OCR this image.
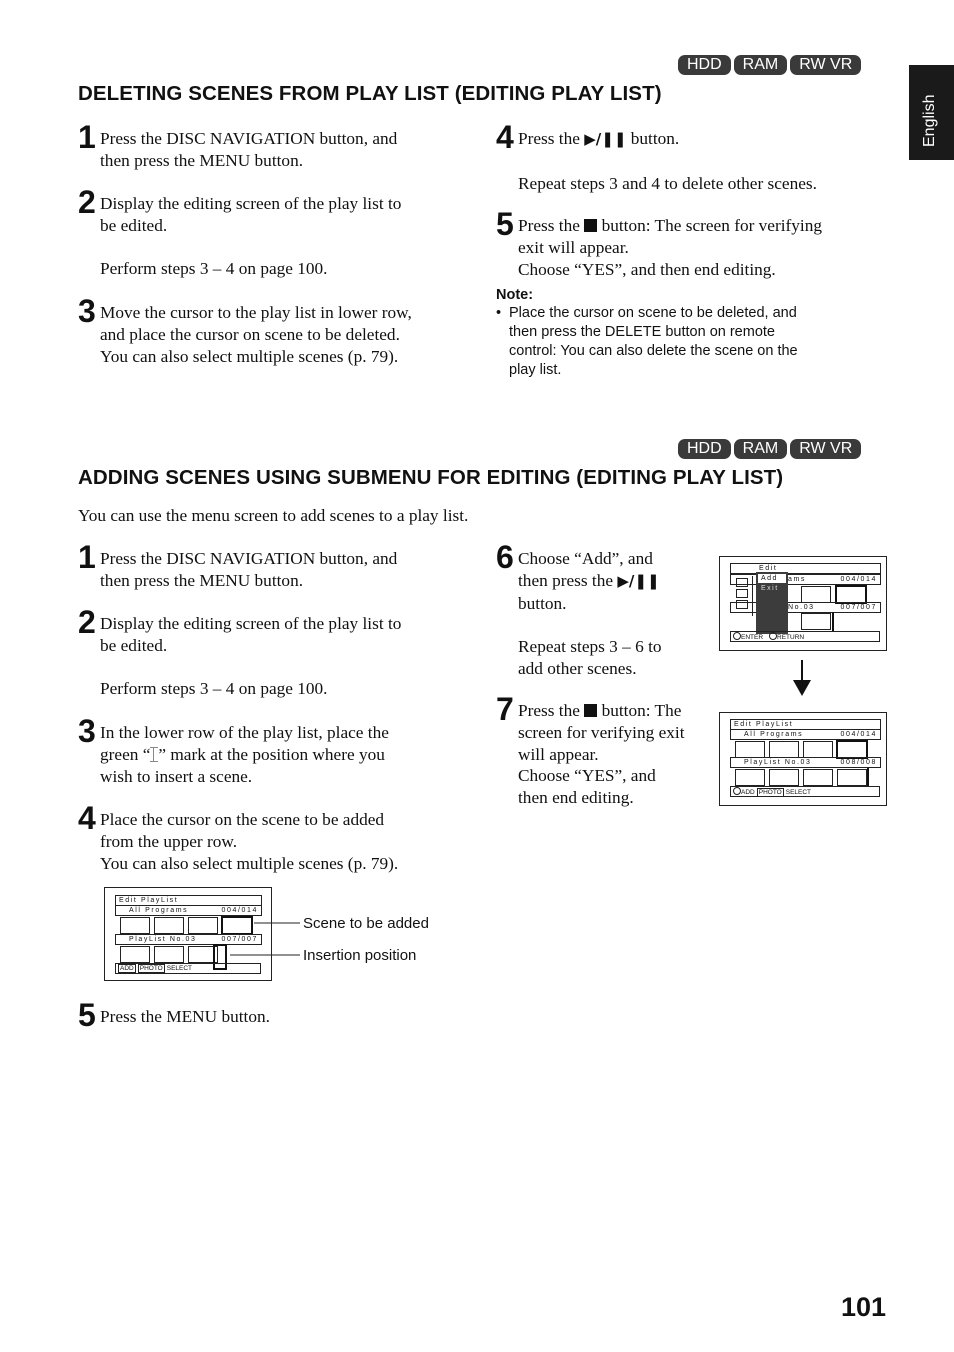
English
HDD	RAM	RW VR
DELETING SCENES FROM PLAY LIST (EDITING PLAY LIST)
1 Press the DISC NAVIGATION button, and
then press the MENU button.
2 Display the editing screen of the play list to
be edited.
Perform steps 3 – 4 on page 100.
3 Move the cursor to the play list in lower row,
and place the cursor on scene to be deleted.
You can also select multiple scenes (p. 79).
4 Press the ▶/❚❚ button.
Repeat steps 3 and 4 to delete other scenes.
5 Press the button: The screen for verifying
exit will appear.
Choose “YES”, and then end editing.
Note:
• Place the cursor on scene to be deleted, and
then press the DELETE button on remote
control: You can also delete the scene on the
play list.
HDD	RAM	RW VR
ADDING SCENES USING SUBMENU FOR EDITING (EDITING PLAY LIST)
You can use the menu screen to add scenes to a play list.
1 Press the DISC NAVIGATION button, and
then press the MENU button.
2 Display the editing screen of the play list to
be edited.
Perform steps 3 – 4 on page 100.
3 In the lower row of the play list, place the
green “ ” mark at the position where you
wish to insert a scene.
4 Place the cursor on the scene to be added
from the upper row.
You can also select multiple scenes (p. 79).
Edit PlayList
All Programs	004/014
PlayList No.03	007/007
ADD PHOTO SELECT
Scene to be added
Insertion position
5 Press the MENU button.
6 Choose “Add”, and
then press the ▶/❚❚
button.
Repeat steps 3 – 6 to
add other scenes.
7 Press the button: The
screen for verifying exit
will appear.
Choose “YES”, and
then end editing.
Edit
ams	004/014
No.03	007/007
Add
Exit
ENTER RETURN
Edit PlayList
All Programs	004/014
PlayList No.03	008/008
ADD PHOTO SELECT
101
